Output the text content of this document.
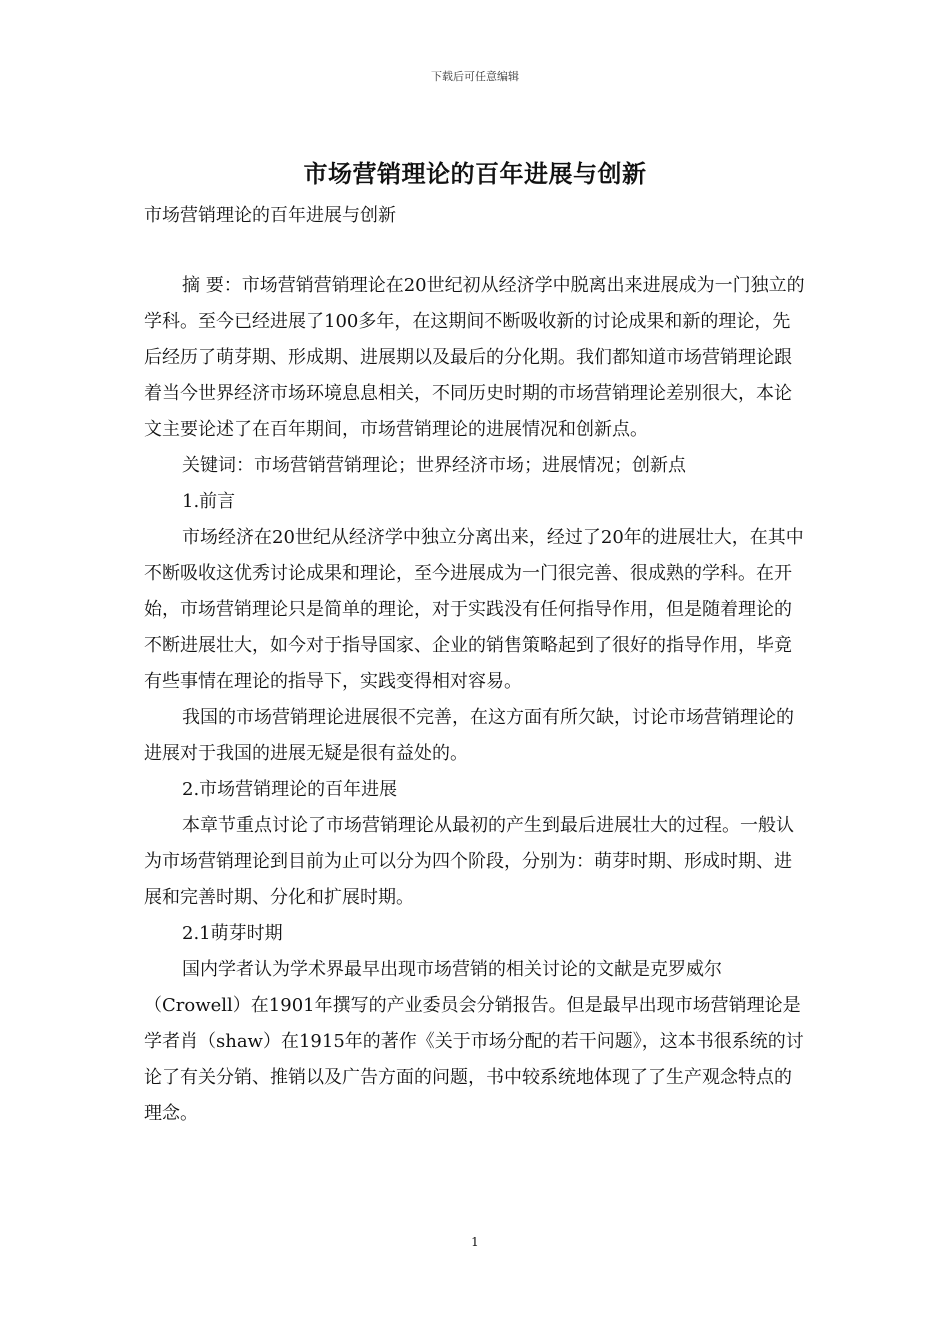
下载后可任意编辑
市场营销理论的百年进展与创新

市场营销理论的百年进展与创新

摘 要：市场营销营销理论在20世纪初从经济学中脱离出来进展成为一门独立的学科。至今已经进展了100多年，在这期间不断吸收新的讨论成果和新的理论，先后经历了萌芽期、形成期、进展期以及最后的分化期。我们都知道市场营销理论跟着当今世界经济市场环境息息相关，不同历史时期的市场营销理论差别很大，本论文主要论述了在百年期间，市场营销理论的进展情况和创新点。

关键词：市场营销营销理论；世界经济市场；进展情况；创新点

1.前言

市场经济在20世纪从经济学中独立分离出来，经过了20年的进展壮大，在其中不断吸收这优秀讨论成果和理论，至今进展成为一门很完善、很成熟的学科。在开始，市场营销理论只是简单的理论，对于实践没有任何指导作用，但是随着理论的不断进展壮大，如今对于指导国家、企业的销售策略起到了很好的指导作用，毕竟有些事情在理论的指导下，实践变得相对容易。

我国的市场营销理论进展很不完善，在这方面有所欠缺，讨论市场营销理论的进展对于我国的进展无疑是很有益处的。

2.市场营销理论的百年进展

本章节重点讨论了市场营销理论从最初的产生到最后进展壮大的过程。一般认为市场营销理论到目前为止可以分为四个阶段，分别为：萌芽时期、形成时期、进展和完善时期、分化和扩展时期。

2.1萌芽时期

国内学者认为学术界最早出现市场营销的相关讨论的文献是克罗威尔（Crowell）在1901年撰写的产业委员会分销报告。但是最早出现市场营销理论是学者肖（shaw）在1915年的著作《关于市场分配的若干问题》，这本书很系统的讨论了有关分销、推销以及广告方面的问题，书中较系统地体现了了生产观念特点的理念。

1
